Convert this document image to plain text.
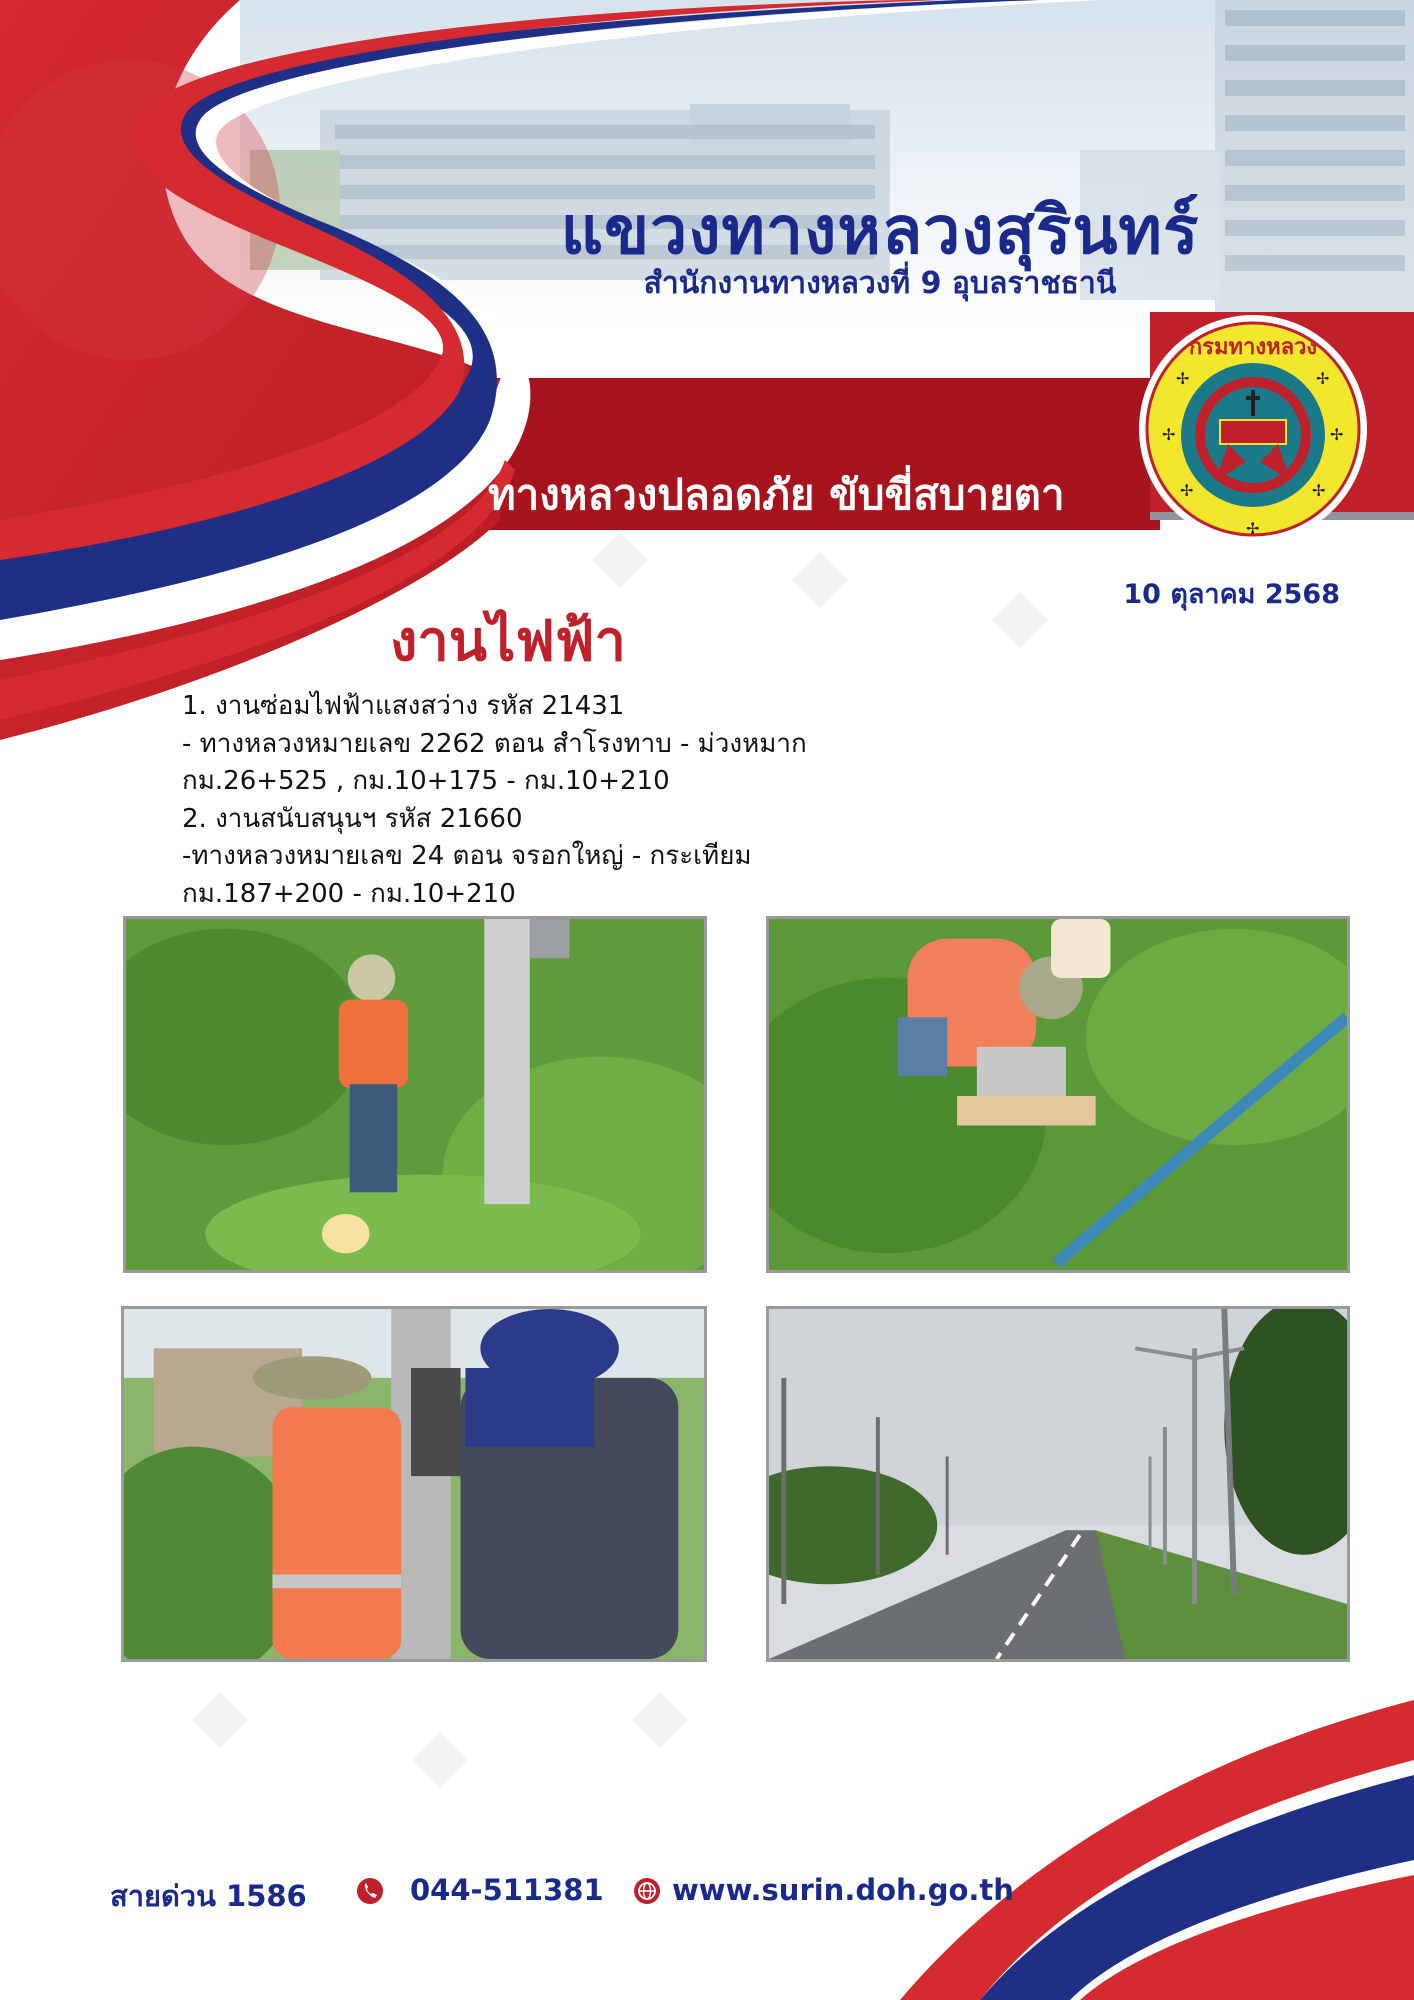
กรมทางหลวง
✢	✢
✢	✢
✢	✢
✢
แขวงทางหลวงสุรินทร์
สำนักงานทางหลวงที่ 9 อุบลราชธานี
ทางหลวงปลอดภัย ขับขี่สบายตา
10 ตุลาคม 2568
งานไฟฟ้า
1. งานซ่อมไฟฟ้าแสงสว่าง รหัส 21431
- ทางหลวงหมายเลข 2262 ตอน สำโรงทาบ - ม่วงหมาก
กม.26+525 , กม.10+175 - กม.10+210
2. งานสนับสนุนฯ รหัส 21660
-ทางหลวงหมายเลข 24 ตอน จรอกใหญ่ - กระเทียม
กม.187+200 - กม.10+210
สายด่วน 1586	044-511381 www.surin.doh.go.th
